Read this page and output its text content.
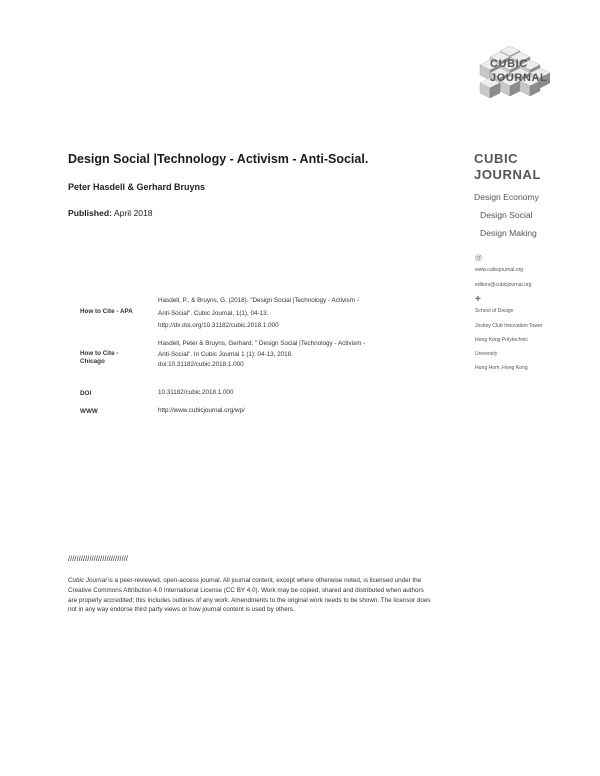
CUBIC
JOURNAL
CUBIC
JOURNAL
Design Economy
Design Social
Design Making
@
www.cubicjournal.org
editors@cubicjournal.org
✚
School of Design
Jockey Club Innovation Tower
Hong Kong Polytechnic
University
Hung Hom, Hong Kong
Design Social |Technology - Activism - Anti-Social.
Peter Hasdell & Gerhard Bruyns
Published: April 2018
How to Cite - APA
Hasdell, P., & Bruyns, G. (2018). "Design Social |Technology - Activism -
Anti-Social". Cubic Journal, 1(1), 04-13.
http://dx.doi.org/10.31182/cubic.2018.1.000
How to Cite -
Chicago
Hasdell, Peter & Bruyns, Gerhard. " Design Social |Technology - Activism -
Anti-Social". In Cubic Journal 1 (1): 04-13, 2018.
doi:10.31182/cubic.2018.1.000
DOI	10.31182/cubic.2018.1.000
WWW	http://www.cubicjournal.org/wp/
////////////////////////////
Cubic Journal is a peer-reviewed, open-access journal. All journal content, except where otherwise noted, is licensed under the Creative Commons Attribution 4.0 International License (CC BY 4.0). Work may be copied, shared and distributed when authors are properly accredited; this includes outlines of any work. Amendments to the original work needs to be shown. The licensor does not in any way endorse third party views or how journal content is used by others.
